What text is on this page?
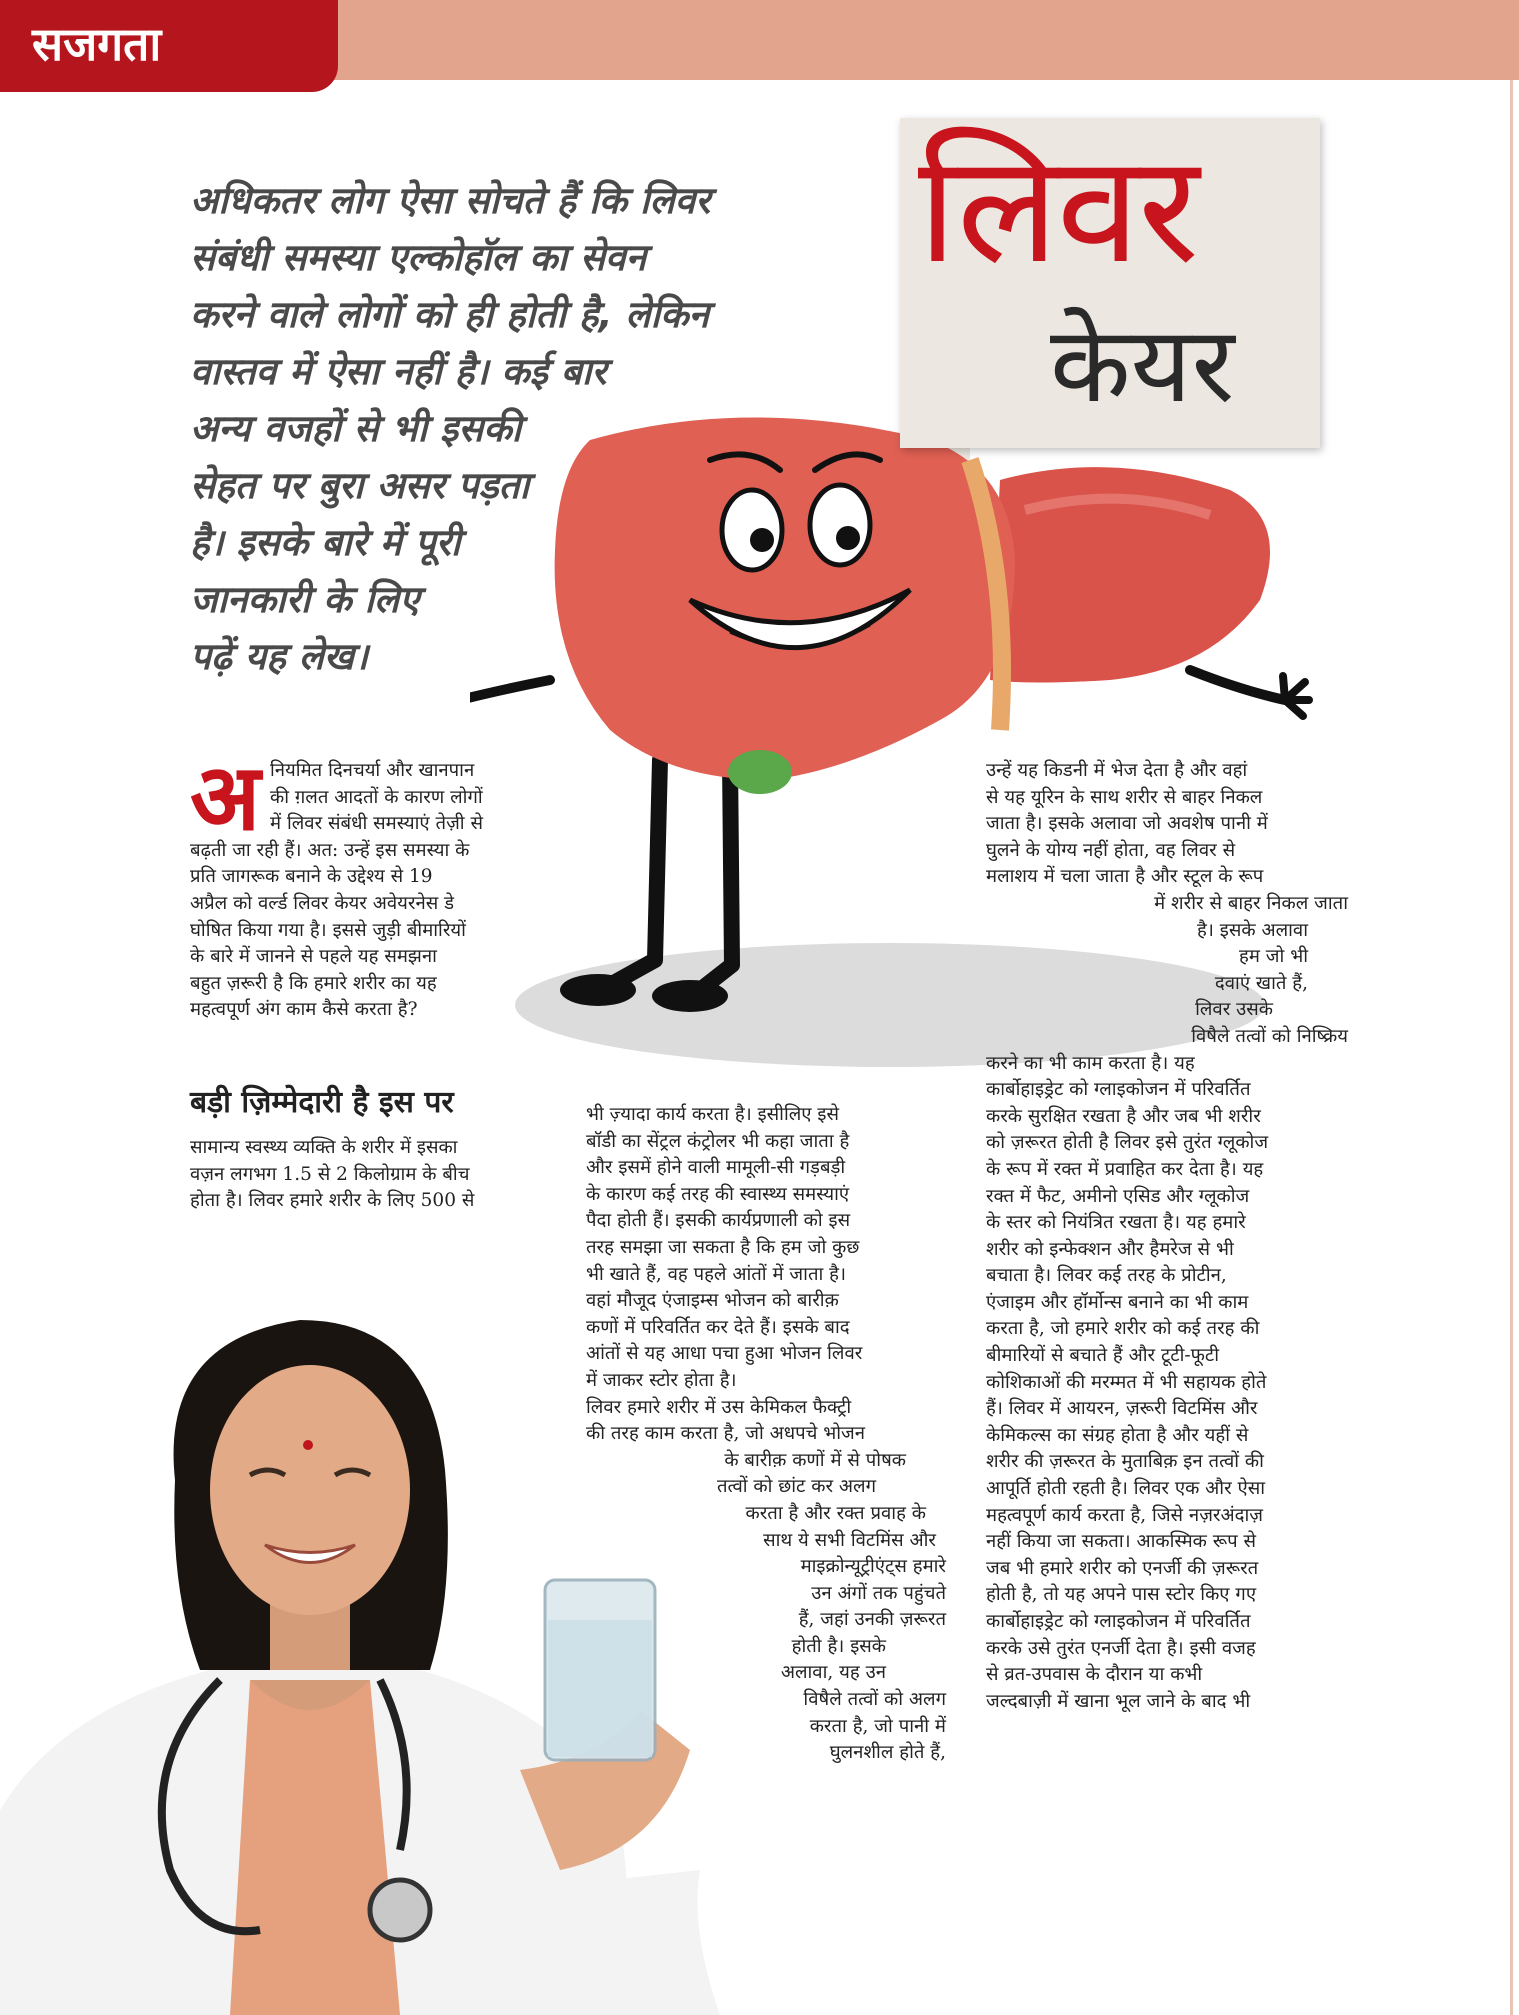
सजगता
अधिकतर लोग ऐसा सोचते हैं कि लिवर
संबंधी समस्या एल्कोहॉल का सेवन
करने वाले लोगों को ही होती है, लेकिन
वास्तव में ऐसा नहीं है। कई बार
अन्य वजहों से भी इसकी
सेहत पर बुरा असर पड़ता
है। इसके बारे में पूरी
जानकारी के लिए
पढ़ें यह लेख।
लिवर
केयर
अ नियमित दिनचर्या और खानपान
की ग़लत आदतों के कारण लोगों
में लिवर संबंधी समस्याएं तेज़ी से
बढ़ती जा रही हैं। अत: उन्हें इस समस्या के
प्रति जागरूक बनाने के उद्देश्य से 19
अप्रैल को वर्ल्ड लिवर केयर अवेयरनेस डे
घोषित किया गया है। इससे जुड़ी बीमारियों
के बारे में जानने से पहले यह समझना
बहुत ज़रूरी है कि हमारे शरीर का यह
महत्वपूर्ण अंग काम कैसे करता है?
बड़ी ज़िम्मेदारी है इस पर
सामान्य स्वस्थ्य व्यक्ति के शरीर में इसका
वज़न लगभग 1.5 से 2 किलोग्राम के बीच
होता है। लिवर हमारे शरीर के लिए 500 से
भी ज़्यादा कार्य करता है। इसीलिए इसे
बॉडी का सेंट्रल कंट्रोलर भी कहा जाता है
और इसमें होने वाली मामूली-सी गड़बड़ी
के कारण कई तरह की स्वास्थ्य समस्याएं
पैदा होती हैं। इसकी कार्यप्रणाली को इस
तरह समझा जा सकता है कि हम जो कुछ
भी खाते हैं, वह पहले आंतों में जाता है।
वहां मौजूद एंजाइम्स भोजन को बारीक़
कणों में परिवर्तित कर देते हैं। इसके बाद
आंतों से यह आधा पचा हुआ भोजन लिवर
में जाकर स्टोर होता है।
लिवर हमारे शरीर में उस केमिकल फैक्ट्री
की तरह काम करता है, जो अधपचे भोजन
के बारीक़ कणों में से पोषक
तत्वों को छांट कर अलग
करता है और रक्त प्रवाह के
साथ ये सभी विटमिंस और
माइक्रोन्यूट्रीएंट्स हमारे
उन अंगों तक पहुंचते
हैं, जहां उनकी ज़रूरत
होती है। इसके
अलावा, यह उन
विषैले तत्वों को अलग
करता है, जो पानी में
घुलनशील होते हैं,
उन्हें यह किडनी में भेज देता है और वहां
से यह यूरिन के साथ शरीर से बाहर निकल
जाता है। इसके अलावा जो अवशेष पानी में
घुलने के योग्य नहीं होता, वह लिवर से
मलाशय में चला जाता है और स्टूल के रूप
में शरीर से बाहर निकल जाता
है। इसके अलावा
हम जो भी
दवाएं खाते हैं,
लिवर उसके
विषैले तत्वों को निष्क्रिय
करने का भी काम करता है। यह
कार्बोहाइड्रेट को ग्लाइकोजन में परिवर्तित
करके सुरक्षित रखता है और जब भी शरीर
को ज़रूरत होती है लिवर इसे तुरंत ग्लूकोज
के रूप में रक्त में प्रवाहित कर देता है। यह
रक्त में फैट, अमीनो एसिड और ग्लूकोज
के स्तर को नियंत्रित रखता है। यह हमारे
शरीर को इन्फेक्शन और हैमरेज से भी
बचाता है। लिवर कई तरह के प्रोटीन,
एंजाइम और हॉर्मोन्स बनाने का भी काम
करता है, जो हमारे शरीर को कई तरह की
बीमारियों से बचाते हैं और टूटी-फूटी
कोशिकाओं की मरम्मत में भी सहायक होते
हैं। लिवर में आयरन, ज़रूरी विटमिंस और
केमिकल्स का संग्रह होता है और यहीं से
शरीर की ज़रूरत के मुताबिक़ इन तत्वों की
आपूर्ति होती रहती है। लिवर एक और ऐसा
महत्वपूर्ण कार्य करता है, जिसे नज़रअंदाज़
नहीं किया जा सकता। आकस्मिक रूप से
जब भी हमारे शरीर को एनर्जी की ज़रूरत
होती है, तो यह अपने पास स्टोर किए गए
कार्बोहाइड्रेट को ग्लाइकोजन में परिवर्तित
करके उसे तुरंत एनर्जी देता है। इसी वजह
से व्रत-उपवास के दौरान या कभी
जल्दबाज़ी में खाना भूल जाने के बाद भी
